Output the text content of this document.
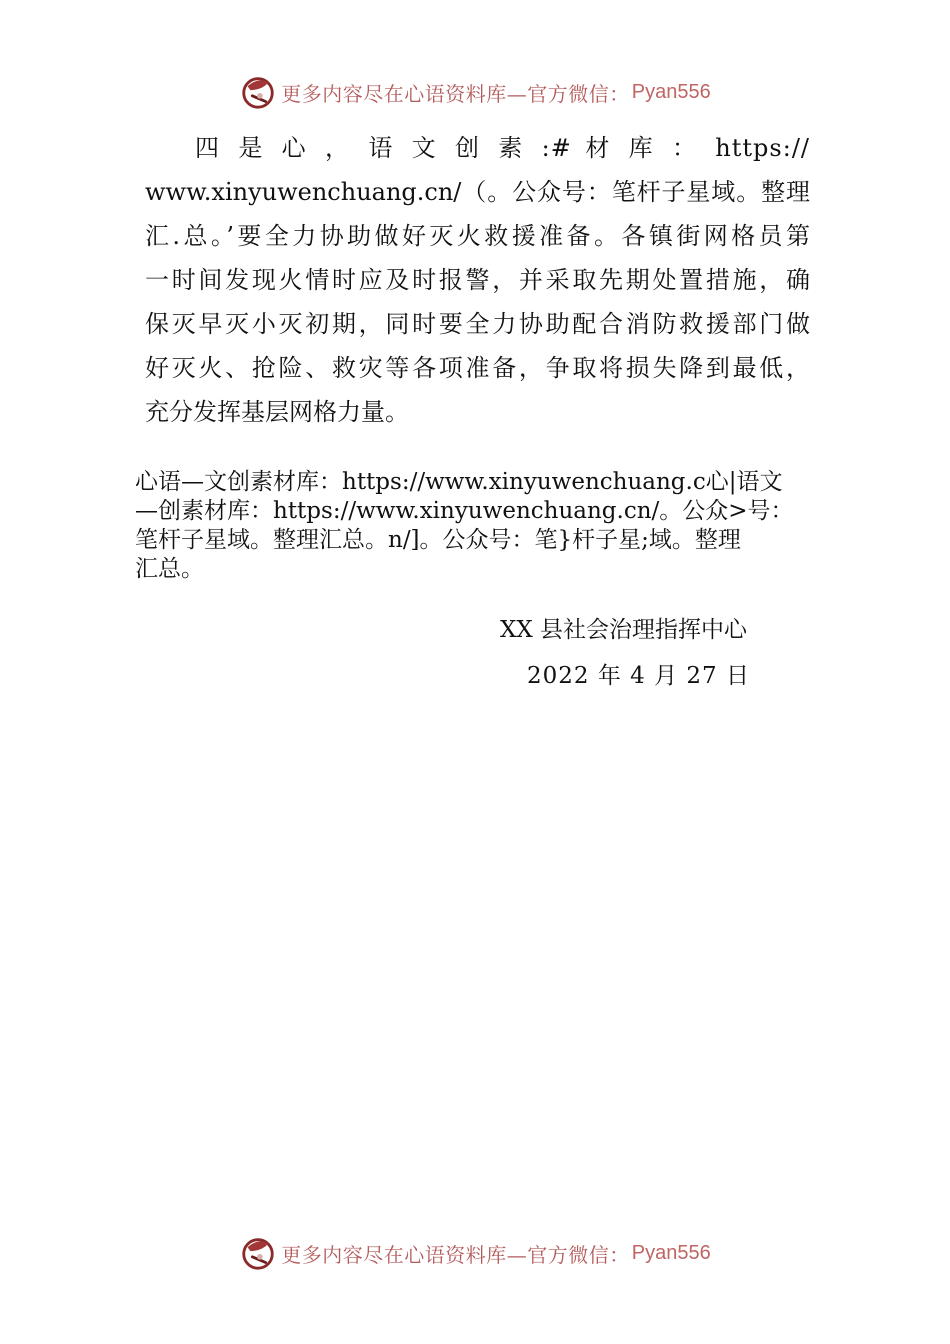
更多内容尽在心语资料库—官方微信： Pyan556
四 是 心 ， 语 文 创 素 :# 材 库 ： https://
www.xinyuwenchuang.cn/（。公众号：笔杆子星域。整理
汇.总。’要全力协助做好灭火救援准备。各镇街网格员第
一时间发现火情时应及时报警，并采取先期处置措施，确
保灭早灭小灭初期，同时要全力协助配合消防救援部门做
好灭火、抢险、救灾等各项准备，争取将损失降到最低，
充分发挥基层网格力量。
心语—文创素材库：https://www.xinyuwenchuang.c心|语文
—创素材库：https://www.xinyuwenchuang.cn/。公众>号：
笔杆子星域。整理汇总。n/]。公众号：笔}杆子星;域。整理
汇总。
XX 县社会治理指挥中心
2022 年 4 月 27 日
更多内容尽在心语资料库—官方微信： Pyan556
